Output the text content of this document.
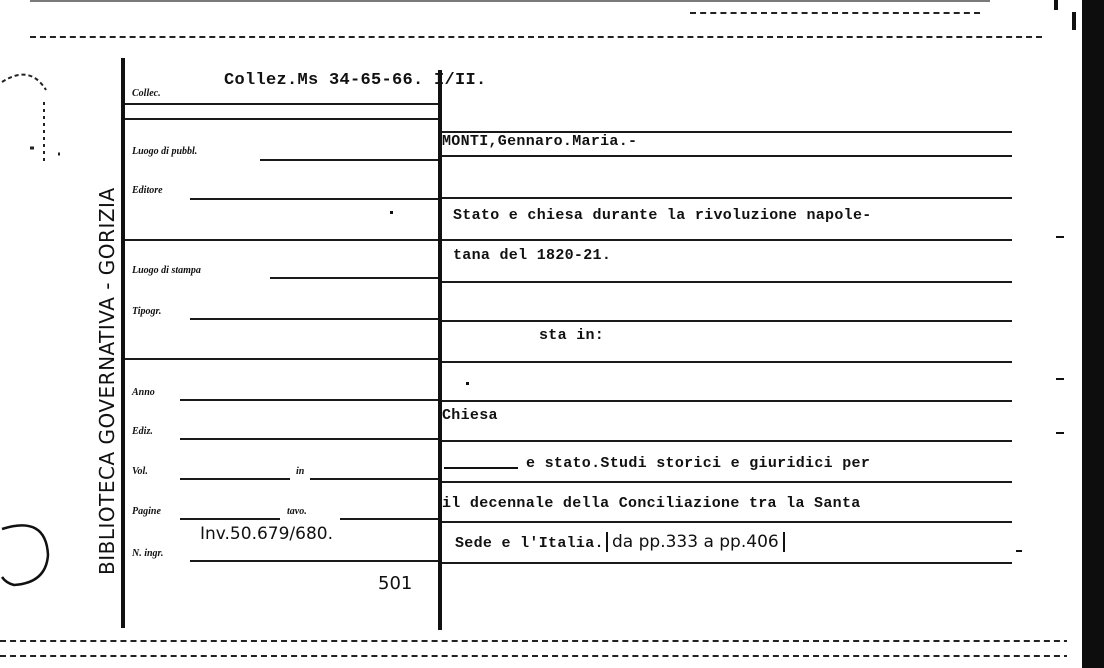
BIBLIOTECA GOVERNATIVA - GORIZIA
Collec.
Luogo di pubbl.
Editore
Luogo di stampa
Tipogr.
Anno
Ediz.
Vol.	in
Pagine	tavo.
N. ingr.
Collez.Ms 34-65-66. I/II.
MONTI,Gennaro.Maria.-
Stato e chiesa durante la rivoluzione napole-
tana del 1820-21.
sta in:
Chiesa
e stato.Studi storici e giuridici per
il decennale della Conciliazione tra la Santa
Sede e l'Italia. da pp.333 a pp.406
Inv.50.679/680.
501
